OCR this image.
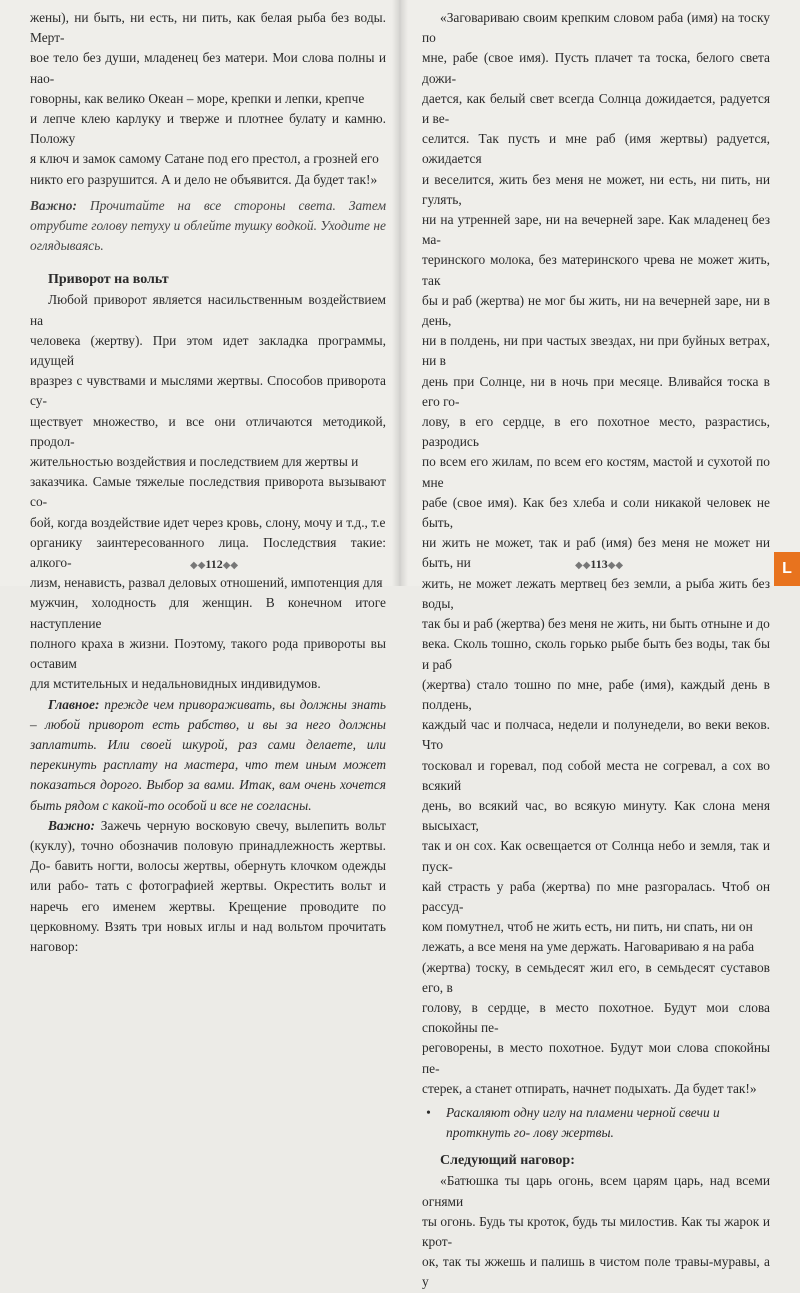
жены), ни быть, ни есть, ни пить, как белая рыба без воды. Мерт-
вое тело без души, младенец без матери. Мои слова полны и нао-
говорны, как велико Океан – море, крепки и лепки, крепче
и лепче клею карлуку и тверже и плотнее булату и камню. Положу
я ключ и замок самому Сатане под его престол, а грозней его
никто его разрушится. А и дело не объявится. Да будет так!»
Важно: Прочитайте на все стороны света. Затем отрубите голову петуху и облейте тушку водкой. Уходите не оглядываясь.
Приворот на вольт
Любой приворот является насильственным воздействием на
человека (жертву). При этом идет закладка программы, идущей
вразрез с чувствами и мыслями жертвы. Способов приворота су-
ществует множество, и все они отличаются методикой, продол-
жительностью воздействия и последствием для жертвы и
заказчика. Самые тяжелые последствия приворота вызывают со-
бой, когда воздействие идет через кровь, слону, мочу и т.д., т.е
органику заинтересованного лица. Последствия такие: алкого-
лизм, ненависть, развал деловых отношений, импотенция для
мужчин, холодность для женщин. В конечном итоге наступление
полного краха в жизни. Поэтому, такого рода привороты вы оставим
для мстительных и недальновидных индивидумов.
Главное: прежде чем привораживать, вы должны знать – любой приворот есть рабство, и вы за него должны заплатить. Или своей шкурой, раз сами делаете, или перекинуть расплату на мастера, что тем иным может показаться дорого. Выбор за вами. Итак, вам очень хочется быть рядом с какой-то особой и все не согласны.
Важно: Зажечь черную восковую свечу, вылепить вольт (куклу), точно обозначив половую принадлежность жертвы. До- бавить ногти, волосы жертвы, обернуть клочком одежды или рабо- тать с фотографией жертвы. Окрестить вольт и наречь его именем жертвы. Крещение проводите по церковному. Взять три новых иглы и над вольтом прочитать наговор:
«Заговариваю своим крепким словом раба (имя) на тоску по
мне, рабе (свое имя). Пусть плачет та тоска, белого света дожи-
дается, как белый свет всегда Солнца дожидается, радуется и ве-
селится. Так пусть и мне раб (имя жертвы) радуется, ожидается
и веселится, жить без меня не может, ни есть, ни пить, ни гулять,
ни на утренней заре, ни на вечерней заре. Как младенец без ма-
теринского молока, без материнского чрева не может жить, так
бы и раб (жертва) не мог бы жить, ни на вечерней заре, ни в день,
ни в полдень, ни при частых звездах, ни при буйных ветрах, ни в
день при Солнце, ни в ночь при месяце. Вливайся тоска в его го-
лову, в его сердце, в его похотное место, разрастись, разродись
по всем его жилам, по всем его костям, мастой и сухотой по мне
рабе (свое имя). Как без хлеба и соли никакой человек не быть,
ни жить не может, так и раб (имя) без меня не может ни быть, ни
жить, не может лежать мертвец без земли, а рыба жить без воды,
так бы и раб (жертва) без меня не жить, ни быть отныне и до
века. Сколь тошно, сколь горько рыбе быть без воды, так бы и раб
(жертва) стало тошно по мне, рабе (имя), каждый день в полдень,
каждый час и полчаса, недели и полунедели, во веки веков. Что
тосковал и горевал, под собой места не согревал, а сох во всякий
день, во всякий час, во всякую минуту. Как слона меня высыхаст,
так и он сох. Как освещается от Солнца небо и земля, так и пуск-
кай страсть у раба (жертва) по мне разгоралась. Чтоб он рассуд-
ком помутнел, чтоб не жить есть, ни пить, ни спать, ни он
лежать, а все меня на уме держать. Наговариваю я на раба
(жертва) тоску, в семьдесят жил его, в семьдесят суставов его, в
голову, в сердце, в место похотное. Будут мои слова спокойны пе-
реговорены, в место похотное. Будут мои слова спокойны пе-
стерек, а станет отпирать, начнет подыхать. Да будет так!»
•	Раскаляют одну иглу на пламени черной свечи и проткнуть го- лову жертвы.
Следующий наговор:
«Батюшка ты царь огонь, всем царям царь, над всеми огнями
ты огонь. Будь ты кроток, будь ты милостив. Как ты жарок и крот-
ок, так ты жжешь и палишь в чистом поле травы-муравы, а у
◆◆112◆◆	◆◆113◆◆	L
